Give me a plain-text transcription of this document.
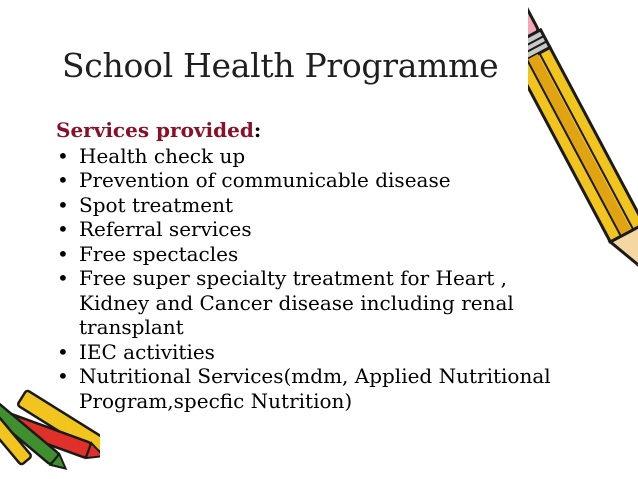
School Health Programme
Services provided:
• Health check up
• Prevention of communicable disease
• Spot treatment
• Referral services
• Free spectacles
• Free super specialty treatment for Heart , Kidney and Cancer disease including renal transplant
• IEC activities
• Nutritional Services(mdm, Applied Nutritional Program,specfic Nutrition)
